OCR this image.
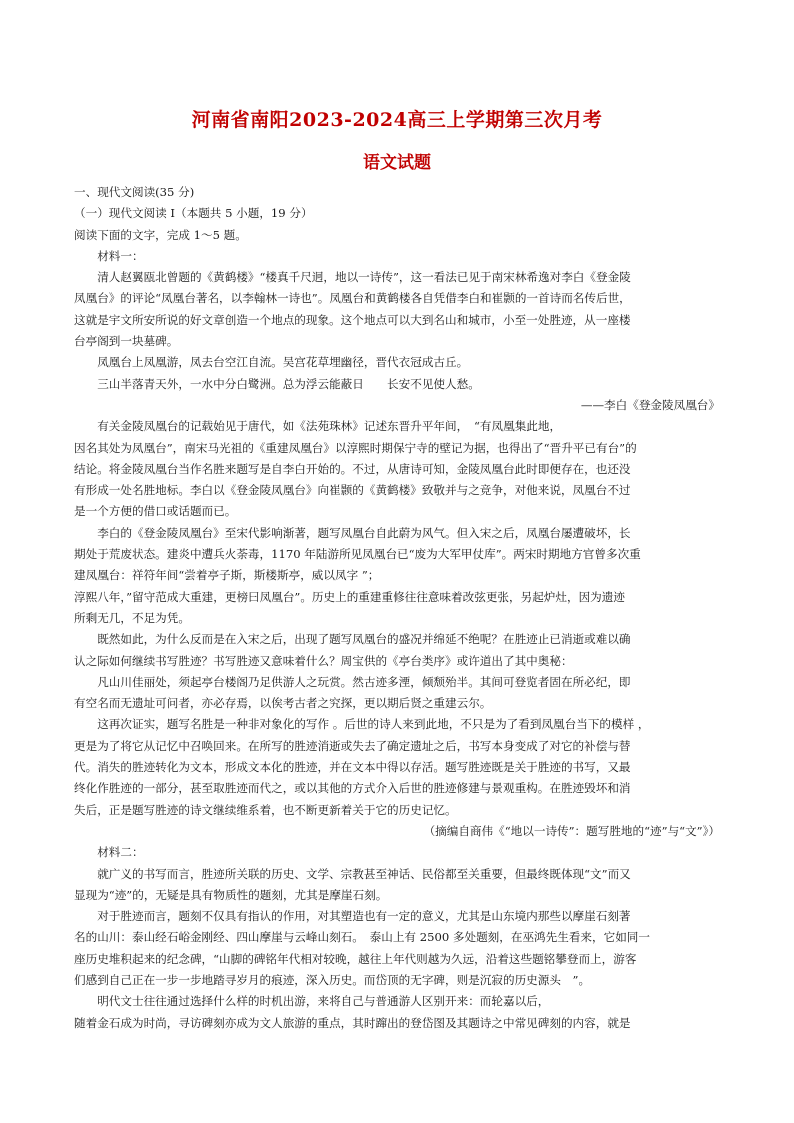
河南省南阳2023-2024高三上学期第三次月考
语文试题

一、现代文阅读(35 分)

（一）现代文阅读 I（本题共 5 小题，19 分）

阅读下面的文字，完成 1～5 题。

材料一：

清人赵翼瓯北曾题的《黄鹤楼》“楼真千尺迥，地以一诗传”，这一看法已见于南宋林希逸对李白《登金陵

凤凰台》的评论“凤凰台著名，以李翰林一诗也”。凤凰台和黄鹤楼各自凭借李白和崔颢的一首诗而名传后世，

这就是宇文所安所说的好文章创造一个地点的现象。这个地点可以大到名山和城市，小至一处胜迹，从一座楼

台亭阁到一块墓碑。

凤凰台上凤凰游，凤去台空江自流。吴宫花草埋幽径，晋代衣冠成古丘。

三山半落青天外，一水中分白鹭洲。总为浮云能蔽日　　长安不见使人愁。

——李白《登金陵凤凰台》

有关金陵凤凰台的记载始见于唐代，如《法苑珠林》记述东晋升平年间，　“有凤凰集此地，

因名其处为凤凰台”，南宋马光祖的《重建凤凰台》以淳熙时期保宁寺的壁记为据，也得出了“晋升平已有台”的

结论。将金陵凤凰台当作名胜来题写是自李白开始的。不过，从唐诗可知，金陵凤凰台此时即便存在，也还没

有形成一处名胜地标。李白以《登金陵凤凰台》向崔颢的《黄鹤楼》致敬并与之竞争，对他来说，凤凰台不过

是一个方便的借口或话题而已。

李白的《登金陵凤凰台》至宋代影响渐著，题写凤凰台自此蔚为风气。但入宋之后，凤凰台屡遭破坏，长

期处于荒废状态。建炎中遭兵火荼毒，1170 年陆游所见凤凰台已“废为大军甲仗库”。两宋时期地方官曾多次重

建凤凰台：祥符年间“尝着亭子斯，斯楼斯亭，威以凤字 ”；

淳熙八年，”留守范成大重建，更榜曰凤凰台”。历史上的重建重修往往意味着改弦更张，另起炉灶，因为遗迹

所剩无几，不足为凭。

既然如此，为什么反而是在入宋之后，出现了题写凤凰台的盛况并绵延不绝呢？在胜迹止已消逝或难以确

认之际如何继续书写胜迹？书写胜迹又意味着什么？周宝供的《亭台类序》或许道出了其中奥秘：

凡山川佳丽处，须起亭台楼阁乃足供游人之玩赏。然古迹多湮，倾颓殆半。其间可登览者固在所必纪，即

有空名而无遗址可问者，亦必存焉，以俟考古者之究探，更以期后贤之重建云尔。

这再次证实，题写名胜是一种非对象化的写作 。后世的诗人来到此地，不只是为了看到凤凰台当下的模样 ，

更是为了将它从记忆中召唤回来。在所写的胜迹消逝或失去了确定遗址之后，书写本身变成了对它的补偿与替

代。消失的胜迹转化为文本，形成文本化的胜迹，并在文本中得以存活。题写胜迹既是关于胜迹的书写，又最

终化作胜迹的一部分，甚至取胜迹而代之，或以其他的方式介入后世的胜迹修建与景观重构。在胜迹毁坏和消

失后，正是题写胜迹的诗文继续维系着，也不断更新着关于它的历史记忆。

（摘编自商伟《“地以一诗传”：题写胜地的“迹”与“文”》）

材料二：

就广义的书写而言，胜迹所关联的历史、文学、宗教甚至神话、民俗都至关重要，但最终既体现“文”而又

显现为“迹”的，无疑是具有物质性的题刻，尤其是摩崖石刻。

对于胜迹而言，题刻不仅具有指认的作用，对其塑造也有一定的意义，尤其是山东境内那些以摩崖石刻著

名的山川：泰山经石峪金刚经、四山摩崖与云峰山刻石。　泰山上有 2500 多处题刻，在巫鸿先生看来，它如同一

座历史堆积起来的纪念碑，“山脚的碑铭年代相对较晚，越往上年代则越为久远，沿着这些题铭攀登而上，游客

们感到自己正在一步一步地踏寻岁月的痕迹，深入历史。而岱顶的无字碑，则是沉寂的历史源头　”。

明代文士往往通过选择什么样的时机出游，来将自己与普通游人区别开来：而轮嘉以后，

随着金石成为时尚，寻访碑刻亦成为文人旅游的重点，其时蹿出的登岱图及其题诗之中常见碑刻的内容，就是
